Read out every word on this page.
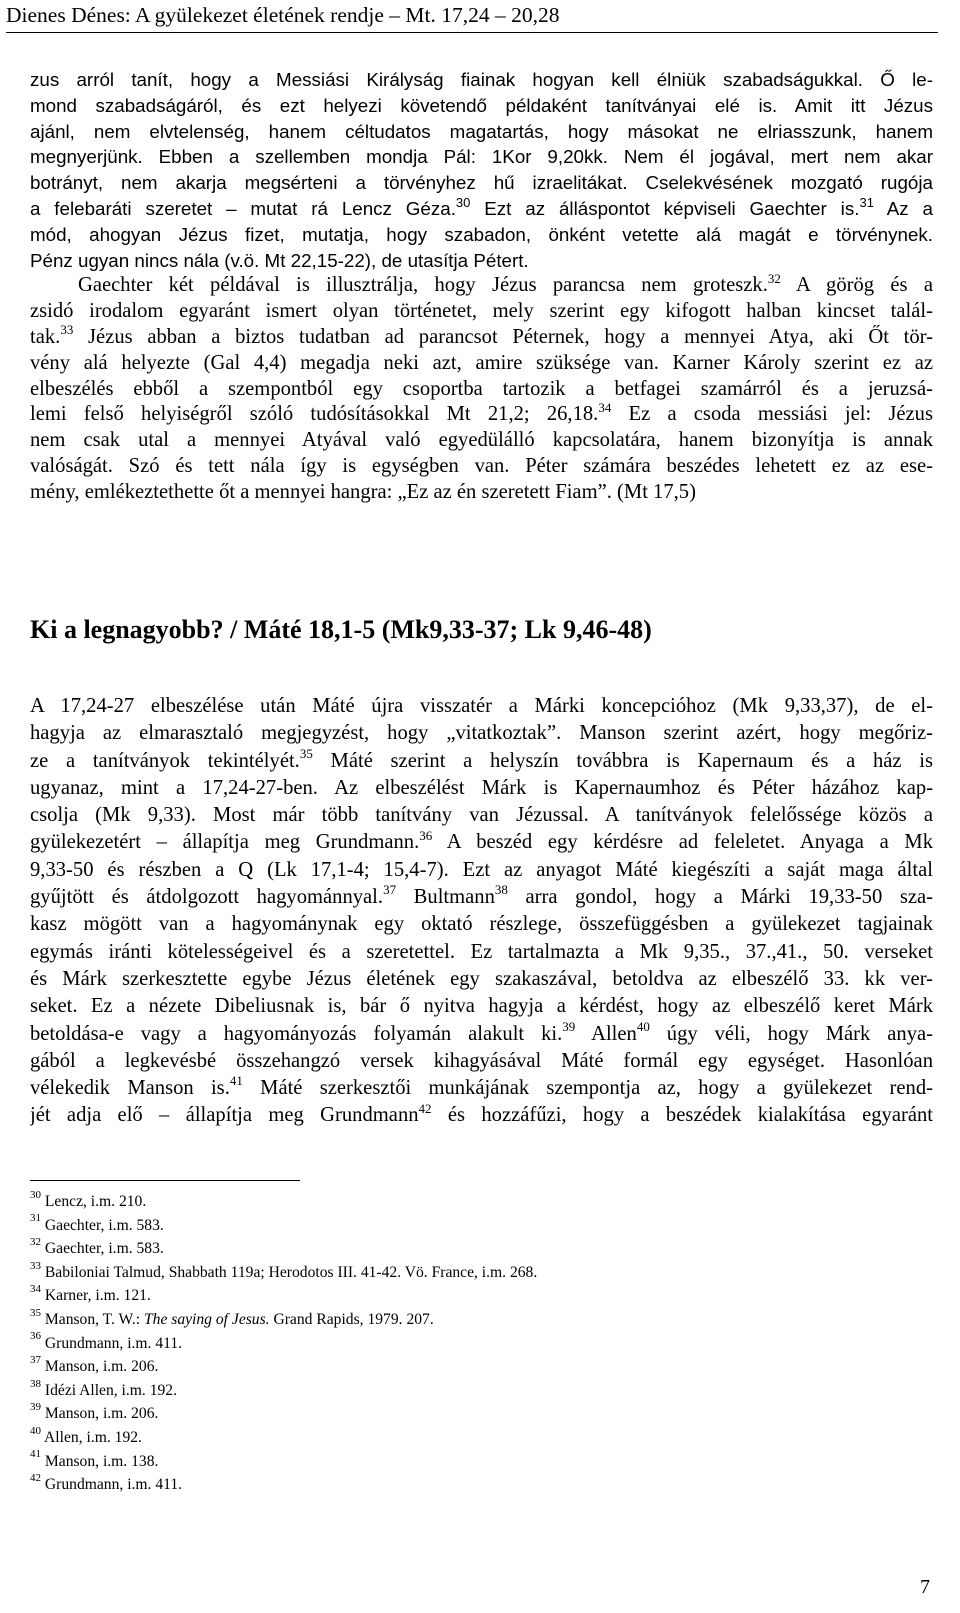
Dienes Dénes: A gyülekezet életének rendje – Mt. 17,24 – 20,28
zus arról tanít, hogy a Messiási Királyság fiainak hogyan kell élniük szabadságukkal. Ő le-
mond szabadságáról, és ezt helyezi követendő példaként tanítványai elé is. Amit itt Jézus
ajánl, nem elvtelenség, hanem céltudatos magatartás, hogy másokat ne elriasszunk, hanem
megnyerjünk. Ebben a szellemben mondja Pál: 1Kor 9,20kk. Nem él jogával, mert nem akar
botrányt, nem akarja megsérteni a törvényhez hű izraelitákat. Cselekvésének mozgató rugója
a felebaráti szeretet – mutat rá Lencz Géza.$^{30}$ Ezt az álláspontot képviseli Gaechter is.$^{31}$ Az a
mód, ahogyan Jézus fizet, mutatja, hogy szabadon, önként vetette alá magát e törvénynek.
Pénz ugyan nincs nála (v.ö. Mt 22,15-22), de utasítja Pétert.
Gaechter két példával is illusztrálja, hogy Jézus parancsa nem groteszk.$^{32}$ A görög és a
zsidó irodalom egyaránt ismert olyan történetet, mely szerint egy kifogott halban kincset talál-
tak.$^{33}$ Jézus abban a biztos tudatban ad parancsot Péternek, hogy a mennyei Atya, aki Őt tör-
vény alá helyezte (Gal 4,4) megadja neki azt, amire szüksége van. Karner Károly szerint ez az
elbeszélés ebből a szempontból egy csoportba tartozik a betfagei szamárról és a jeruzsá-
lemi felső helyiségről szóló tudósításokkal Mt 21,2; 26,18.34 Ez a csoda messiási jel: Jézus
nem csak utal a mennyei Atyával való egyedülálló kapcsolatára, hanem bizonyítja is annak
valóságát. Szó és tett nála így is egységben van. Péter számára beszédes lehetett ez az ese-
mény, emlékeztethette őt a mennyei hangra: „Ez az én szeretett Fiam”. (Mt 17,5)
Ki a legnagyobb? / Máté 18,1-5 (Mk9,33-37; Lk 9,46-48)
A 17,24-27 elbeszélése után Máté újra visszatér a Márki koncepcióhoz (Mk 9,33,37), de el-
hagyja az elmarasztaló megjegyzést, hogy „vitatkoztak”. Manson szerint azért, hogy megőriz-
ze a tanítványok tekintélyét.$^{35}$ Máté szerint a helyszín továbbra is Kapernaum és a ház is
ugyanaz, mint a 17,24-27-ben. Az elbeszélést Márk is Kapernaumhoz és Péter házához kap-
csolja (Mk 9,33). Most már több tanítvány van Jézussal. A tanítványok felelőssége közös a
gyülekezetért – állapítja meg Grundmann.$^{36}$ A beszéd egy kérdésre ad feleletet. Anyaga a Mk
9,33-50 és részben a Q (Lk 17,1-4; 15,4-7). Ezt az anyagot Máté kiegészíti a saját maga által
gyűjtött és átdolgozott hagyománnyal.$^{37}$ Bultmann$^{38}$ arra gondol, hogy a Márki 19,33-50 sza-
kasz mögött van a hagyománynak egy oktató részlege, összefüggésben a gyülekezet tagjainak
egymás iránti kötelességeivel és a szeretettel. Ez tartalmazta a Mk 9,35., 37.,41., 50. verseket
és Márk szerkesztette egybe Jézus életének egy szakaszával, betoldva az elbeszélő 33. kk ver-
seket. Ez a nézete Dibeliusnak is, bár ő nyitva hagyja a kérdést, hogy az elbeszélő keret Márk
betoldása-e vagy a hagyományozás folyamán alakult ki.$^{39}$ Allen$^{40}$ úgy véli, hogy Márk anya-
gából a legkevésbé összehangzó versek kihagyásával Máté formál egy egységet. Hasonlóan
vélekedik Manson is.$^{41}$ Máté szerkesztői munkájának szempontja az, hogy a gyülekezet rend-
jét adja elő – állapítja meg Grundmann$^{42}$ és hozzáfűzi, hogy a beszédek kialakítása egyaránt
$^{30}$ Lencz, i.m. 210.
$^{31}$ Gaechter, i.m. 583.
$^{32}$ Gaechter, i.m. 583.
$^{33}$ Babiloniai Talmud, Shabbath 119a; Herodotos III. 41-42. Vö. France, i.m. 268.
$^{34}$ Karner, i.m. 121.
$^{35}$ Manson, T. W.: The saying of Jesus. Grand Rapids, 1979. 207.
$^{36}$ Grundmann, i.m. 411.
$^{37}$ Manson, i.m. 206.
$^{38}$ Idézi Allen, i.m. 192.
$^{39}$ Manson, i.m. 206.
$^{40}$ Allen, i.m. 192.
$^{41}$ Manson, i.m. 138.
$^{42}$ Grundmann, i.m. 411.
7
